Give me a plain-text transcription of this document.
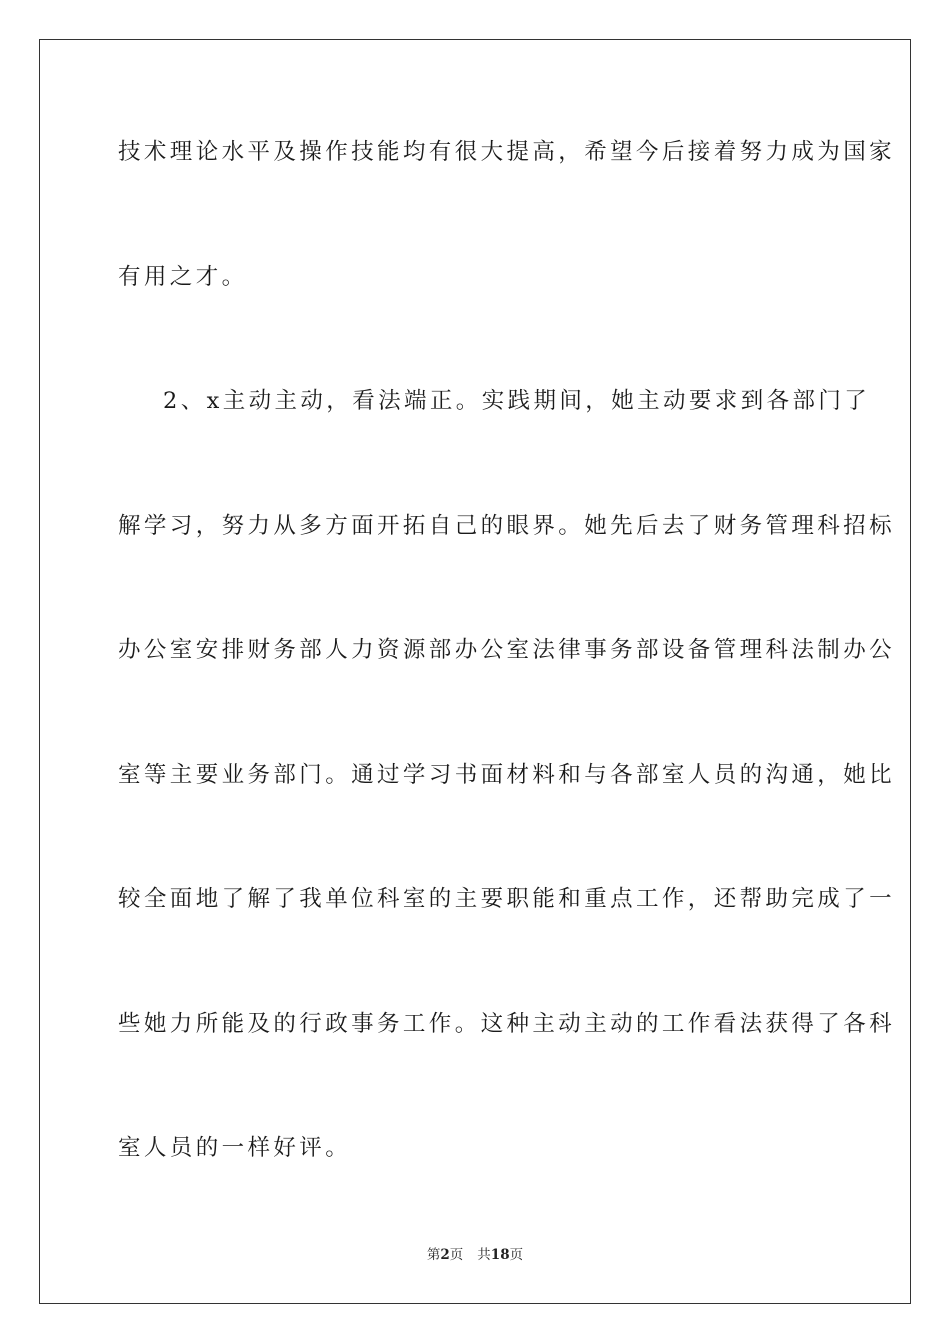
技术理论水平及操作技能均有很大提高，希望今后接着努力成为国家
有用之才。
2、x主动主动，看法端正。实践期间，她主动要求到各部门了
解学习，努力从多方面开拓自己的眼界。她先后去了财务管理科招标
办公室安排财务部人力资源部办公室法律事务部设备管理科法制办公
室等主要业务部门。通过学习书面材料和与各部室人员的沟通，她比
较全面地了解了我单位科室的主要职能和重点工作，还帮助完成了一
些她力所能及的行政事务工作。这种主动主动的工作看法获得了各科
室人员的一样好评。
第2页 共18页
